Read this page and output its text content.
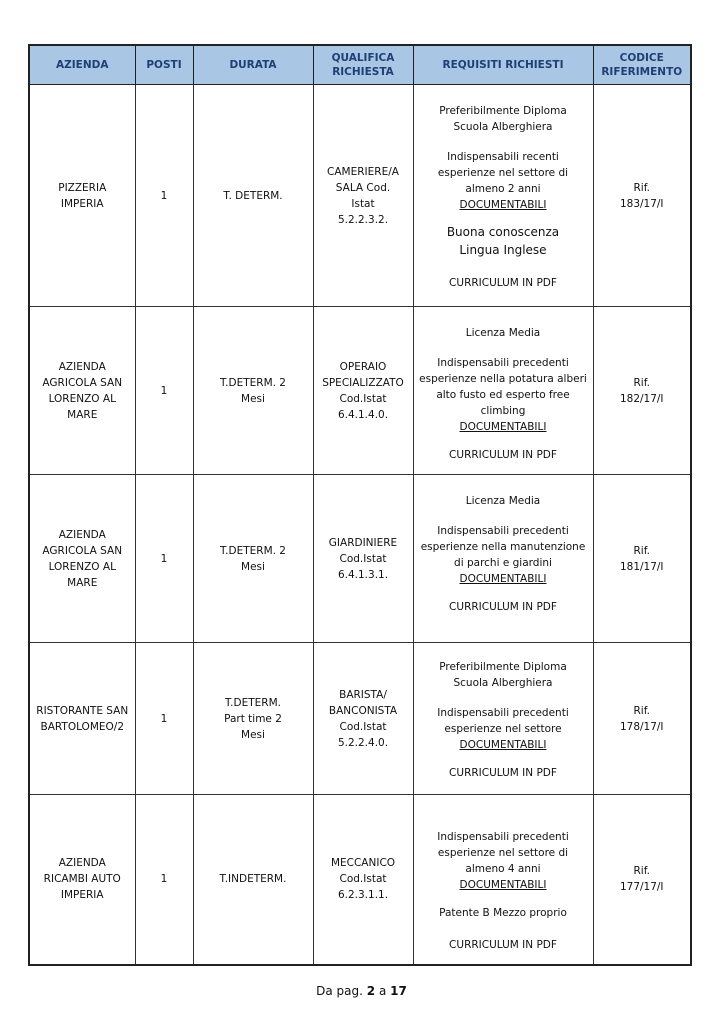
AZIENDA	POSTI	DURATA	QUALIFICA RICHIESTA	REQUISITI RICHIESTI	CODICE RIFERIMENTO
PIZZERIA IMPERIA	1	T. DETERM.	CAMERIERE/A SALA Cod. Istat 5.2.2.3.2.	Preferibilmente Diploma Scuola Alberghiera
Indispensabili recenti esperienze nel settore di almeno 2 anni
DOCUMENTABILI
Buona conoscenza Lingua Inglese
CURRICULUM IN PDF	Rif. 183/17/I
AZIENDA AGRICOLA SAN LORENZO AL MARE	1	T.DETERM. 2 Mesi	OPERAIO SPECIALIZZATO Cod.Istat 6.4.1.4.0.	Licenza Media
Indispensabili precedenti esperienze nella potatura alberi alto fusto ed esperto free climbing
DOCUMENTABILI
CURRICULUM IN PDF	Rif. 182/17/I
AZIENDA AGRICOLA SAN LORENZO AL MARE	1	T.DETERM. 2 Mesi	GIARDINIERE Cod.Istat 6.4.1.3.1.	Licenza Media
Indispensabili precedenti esperienze nella manutenzione di parchi e giardini
DOCUMENTABILI
CURRICULUM IN PDF	Rif. 181/17/I
RISTORANTE SAN BARTOLOMEO/2	1	T.DETERM. Part time 2 Mesi	BARISTA/ BANCONISTA Cod.Istat 5.2.2.4.0.	Preferibilmente Diploma Scuola Alberghiera
Indispensabili precedenti esperienze nel settore
DOCUMENTABILI
CURRICULUM IN PDF	Rif. 178/17/I
AZIENDA RICAMBI AUTO IMPERIA	1	T.INDETERM.	MECCANICO Cod.Istat 6.2.3.1.1.	Indispensabili precedenti esperienze nel settore di almeno 4 anni
DOCUMENTABILI
Patente B Mezzo proprio
CURRICULUM IN PDF	Rif. 177/17/I
Da pag. 2 a 17
